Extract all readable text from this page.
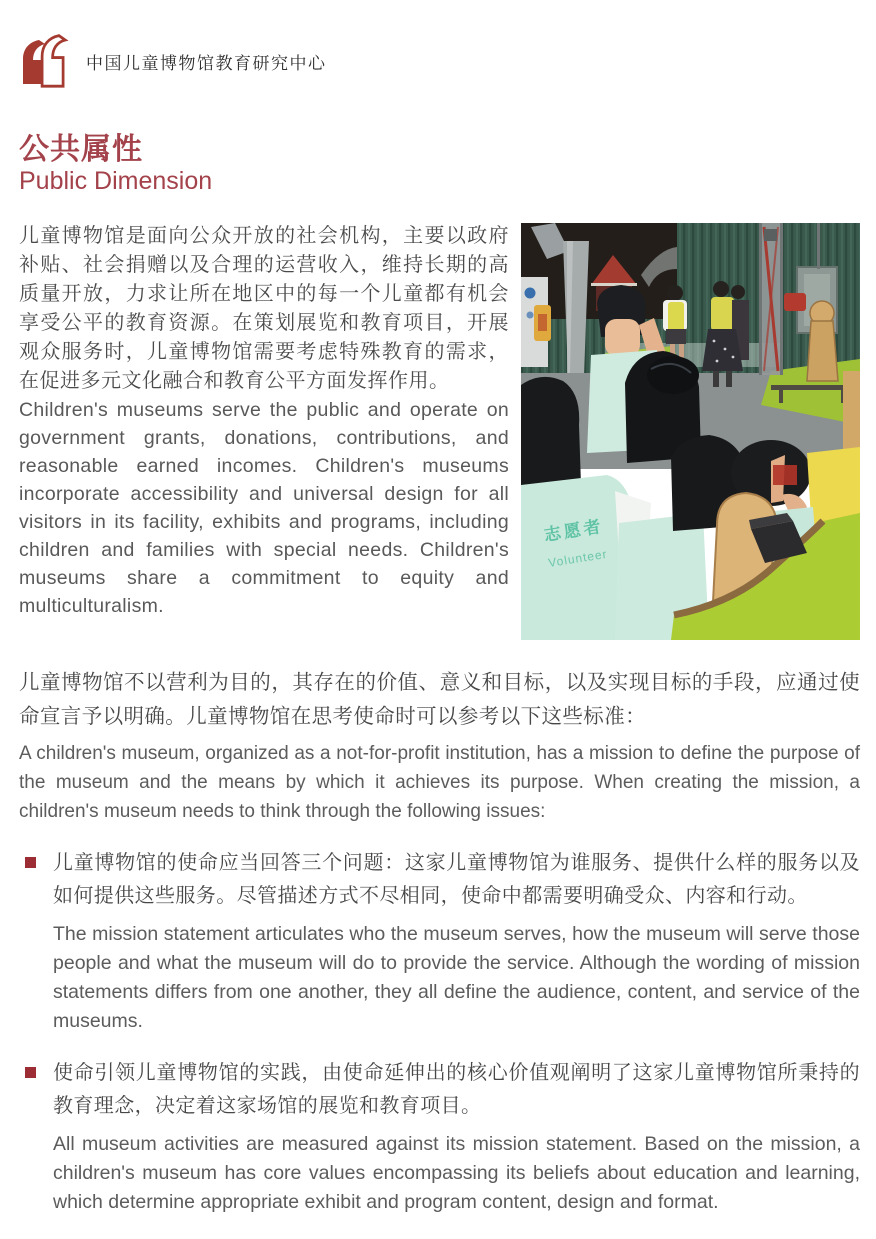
中国儿童博物馆教育研究中心
公共属性
Public Dimension

儿童博物馆是面向公众开放的社会机构，主要以政府补贴、社会捐赠以及合理的运营收入，维持长期的高质量开放，力求让所在地区中的每一个儿童都有机会享受公平的教育资源。在策划展览和教育项目，开展观众服务时，儿童博物馆需要考虑特殊教育的需求，在促进多元文化融合和教育公平方面发挥作用。

Children's museums serve the public and operate on government grants, donations, contributions, and reasonable earned incomes. Children's museums incorporate accessibility and universal design for all visitors in its facility, exhibits and programs, including children and families with special needs. Children's museums share a commitment to equity and multiculturalism.

志愿者
Volunteer

儿童博物馆不以营利为目的，其存在的价值、意义和目标，以及实现目标的手段，应通过使命宣言予以明确。儿童博物馆在思考使命时可以参考以下这些标准：

A children's museum, organized as a not-for-profit institution, has a mission to define the purpose of the museum and the means by which it achieves its purpose. When creating the mission, a children's museum needs to think through the following issues:

儿童博物馆的使命应当回答三个问题：这家儿童博物馆为谁服务、提供什么样的服务以及如何提供这些服务。尽管描述方式不尽相同，使命中都需要明确受众、内容和行动。

The mission statement articulates who the museum serves, how the museum will serve those people and what the museum will do to provide the service. Although the wording of mission statements differs from one another, they all define the audience, content, and service of the museums.

使命引领儿童博物馆的实践，由使命延伸出的核心价值观阐明了这家儿童博物馆所秉持的教育理念，决定着这家场馆的展览和教育项目。

All museum activities are measured against its mission statement. Based on the mission, a children's museum has core values encompassing its beliefs about education and learning, which determine appropriate exhibit and program content, design and format.
